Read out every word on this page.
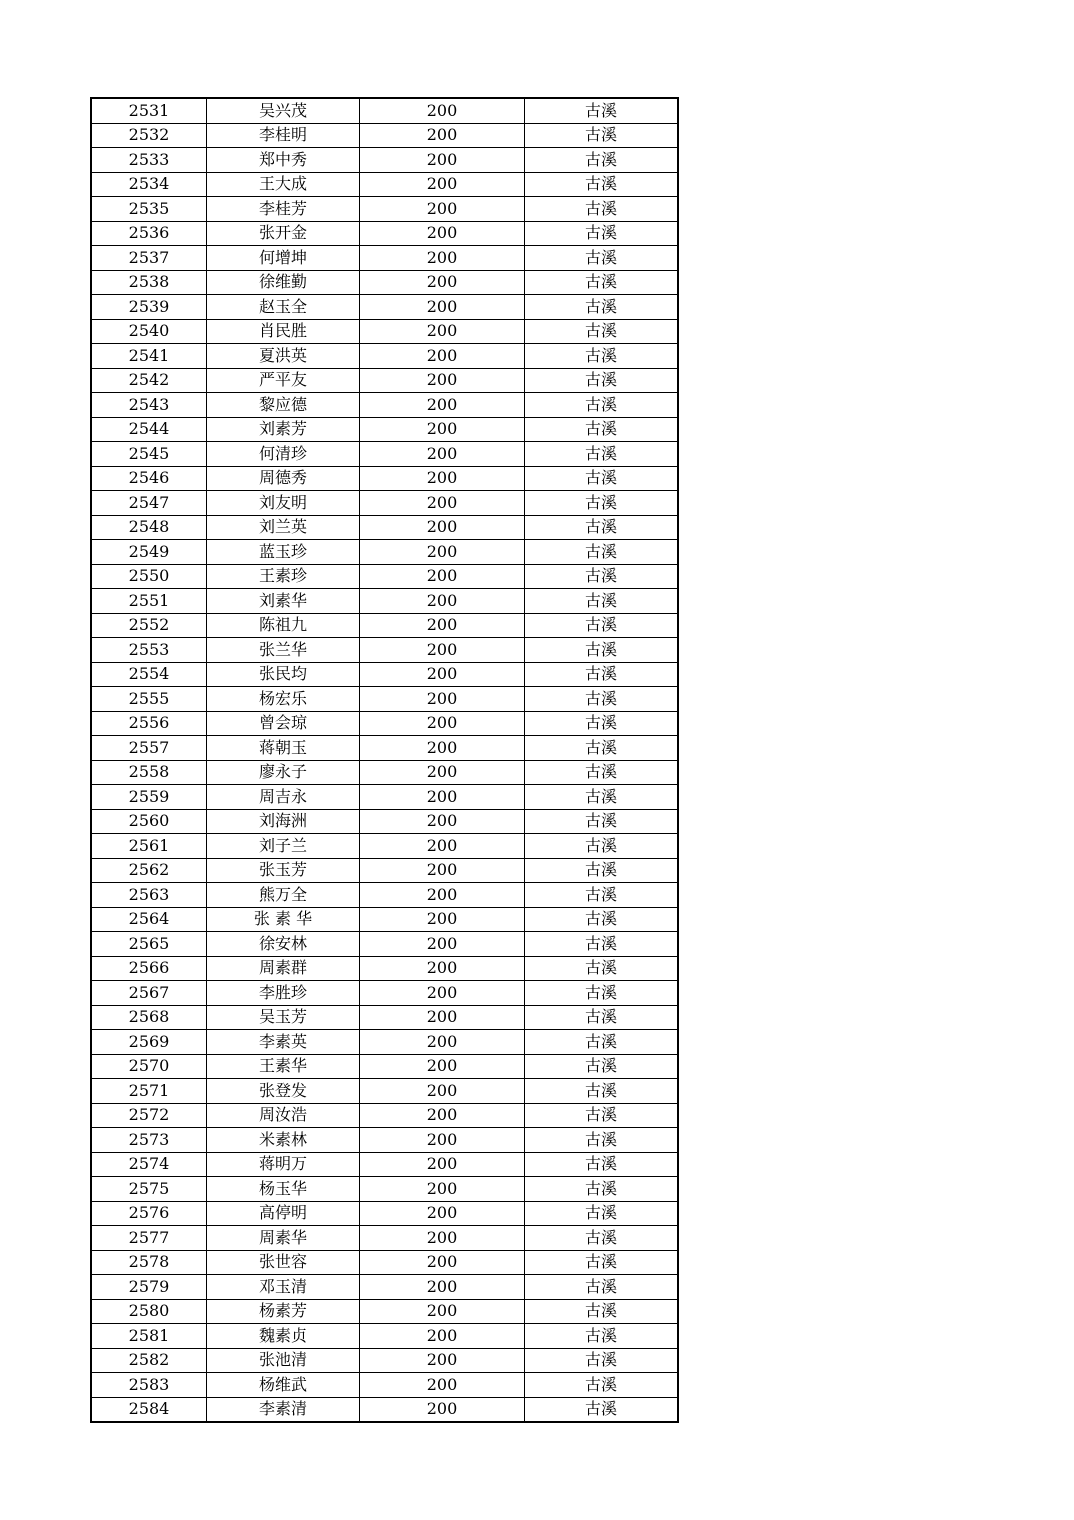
2531	吴兴茂	200	古溪
2532	李桂明	200	古溪
2533	郑中秀	200	古溪
2534	王大成	200	古溪
2535	李桂芳	200	古溪
2536	张开金	200	古溪
2537	何增坤	200	古溪
2538	徐维勤	200	古溪
2539	赵玉全	200	古溪
2540	肖民胜	200	古溪
2541	夏洪英	200	古溪
2542	严平友	200	古溪
2543	黎应德	200	古溪
2544	刘素芳	200	古溪
2545	何清珍	200	古溪
2546	周德秀	200	古溪
2547	刘友明	200	古溪
2548	刘兰英	200	古溪
2549	蓝玉珍	200	古溪
2550	王素珍	200	古溪
2551	刘素华	200	古溪
2552	陈祖九	200	古溪
2553	张兰华	200	古溪
2554	张民均	200	古溪
2555	杨宏乐	200	古溪
2556	曾会琼	200	古溪
2557	蒋朝玉	200	古溪
2558	廖永子	200	古溪
2559	周吉永	200	古溪
2560	刘海洲	200	古溪
2561	刘子兰	200	古溪
2562	张玉芳	200	古溪
2563	熊万全	200	古溪
2564	张 素 华	200	古溪
2565	徐安林	200	古溪
2566	周素群	200	古溪
2567	李胜珍	200	古溪
2568	吴玉芳	200	古溪
2569	李素英	200	古溪
2570	王素华	200	古溪
2571	张登发	200	古溪
2572	周汝浩	200	古溪
2573	米素林	200	古溪
2574	蒋明万	200	古溪
2575	杨玉华	200	古溪
2576	高停明	200	古溪
2577	周素华	200	古溪
2578	张世容	200	古溪
2579	邓玉清	200	古溪
2580	杨素芳	200	古溪
2581	魏素贞	200	古溪
2582	张池清	200	古溪
2583	杨维武	200	古溪
2584	李素清	200	古溪
